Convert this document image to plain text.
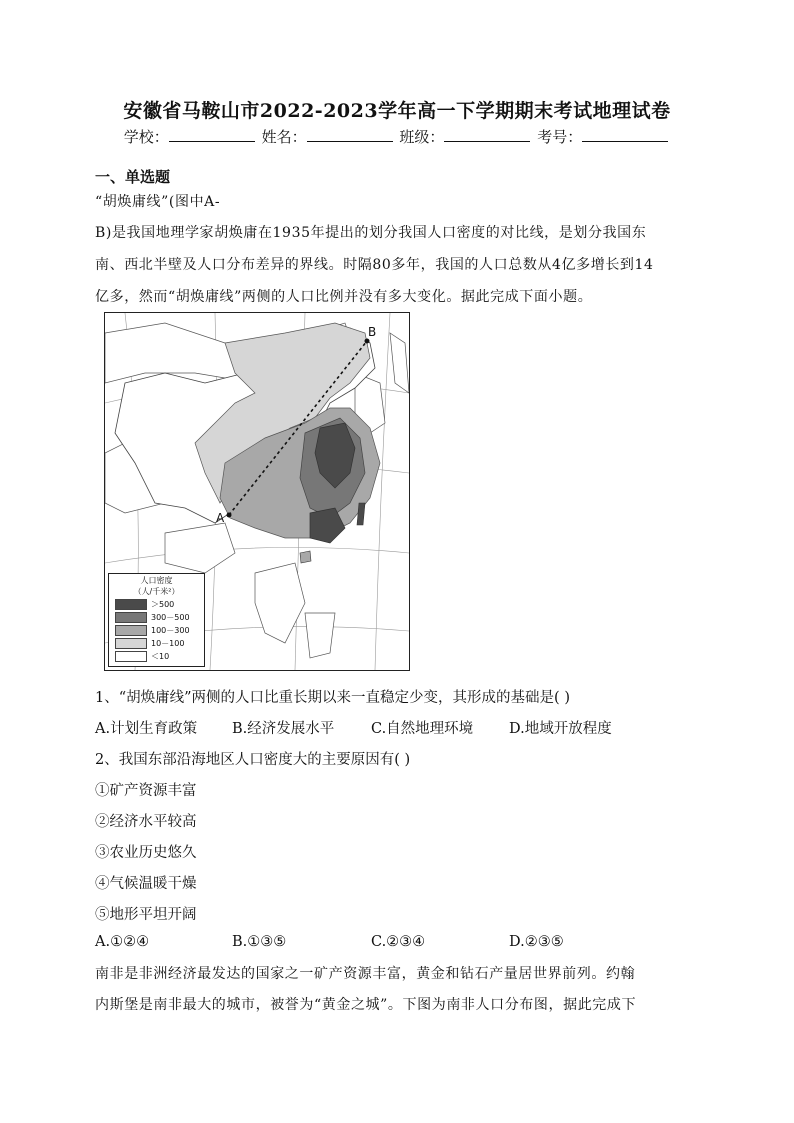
安徽省马鞍山市2022-2023学年高一下学期期末考试地理试卷
学校：	姓名：	班级：	考号：
一、单选题
“胡焕庸线”(图中A-
B)是我国地理学家胡焕庸在1935年提出的划分我国人口密度的对比线，是划分我国东
南、西北半壁及人口分布差异的界线。时隔80多年，我国的人口总数从4亿多增长到14
亿多，然而“胡焕庸线”两侧的人口比例并没有多大变化。据此完成下面小题。
A
B
人口密度
（人/千米²）
＞500
300－500
100－300
10－100
＜10
1、“胡焕庸线”两侧的人口比重长期以来一直稳定少变，其形成的基础是( )
A.计划生育政策 B.经济发展水平	C.自然地理环境 D.地域开放程度
2、我国东部沿海地区人口密度大的主要原因有( )
①矿产资源丰富
②经济水平较高
③农业历史悠久
④气候温暖干燥
⑤地形平坦开阔
A.①②④	B.①③⑤	C.②③④	D.②③⑤
南非是非洲经济最发达的国家之一矿产资源丰富，黄金和钻石产量居世界前列。约翰
内斯堡是南非最大的城市，被誉为“黄金之城”。下图为南非人口分布图，据此完成下
